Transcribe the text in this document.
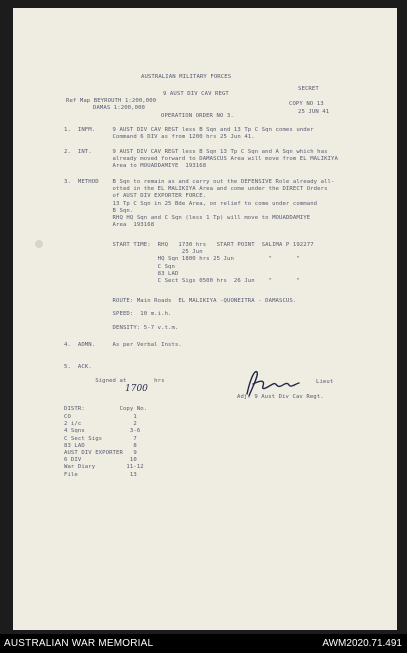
AUSTRALIAN MILITARY FORCES
SECRET
9 AUST DIV CAV REGT
Ref Map BEYROUTH 1:200,000	COPY NO 13
DAMAS 1:200,000
25 JUN 41
OPERATION ORDER NO 3.
1.  INFM.     9 AUST DIV CAV REGT less B Sqn and 13 Tp C Sqn comes under
Command 6 DIV as from 1200 hrs 25 Jun 41.
2.  INT.      9 AUST DIV CAV REGT less B Sqn 13 Tp C Sqn and A Sqn which has
already moved forward to DAMASCUS Area will move from EL MALIKIYA
Area to MOUADDAMIYE  193168
3.  METHOD    B Sqn to remain as and carry out the DEFENSIVE Role already all-
otted in the EL MALIKIYA Area and come under the DIRECT Orders
of AUST DIV EXPORTER FORCE.
13 Tp C Sqn in 25 Bde Area, on relief to come under command
B Sqn.
RHQ HQ Sqn and C Sqn (less 1 Tp) will move to MOUADDAMIYE
Area  193168
START TIME:  RHQ   1730 hrs   START POINT  SALIMA P 192277
25 Jun
HQ Sqn 1800 hrs 25 Jun          "       "
C Sqn
83 LAD
C Sect Sigs 0500 hrs  26 Jun    "       "
ROUTE: Main Roads  EL MALIKIYA -QUONEITRA - DAMASCUS.
SPEED:  10 m.i.h.
DENSITY: 5-7 v.t.m.
4.  ADMN.     As per Verbal Insts.
5.  ACK.
Signed at        hrs
1700
Lieut
Adj. 9 Aust Div Cav Regt.
DISTR:          Copy No.
CO                  1
2 i/c               2
4 Sqns             3-6
C Sect Sigs         7
83 LAD              8
AUST DIV EXPORTER   9
6 DIV              10
War Diary         11-12
File               13
AUSTRALIAN WAR MEMORIAL	AWM2020.71.491
